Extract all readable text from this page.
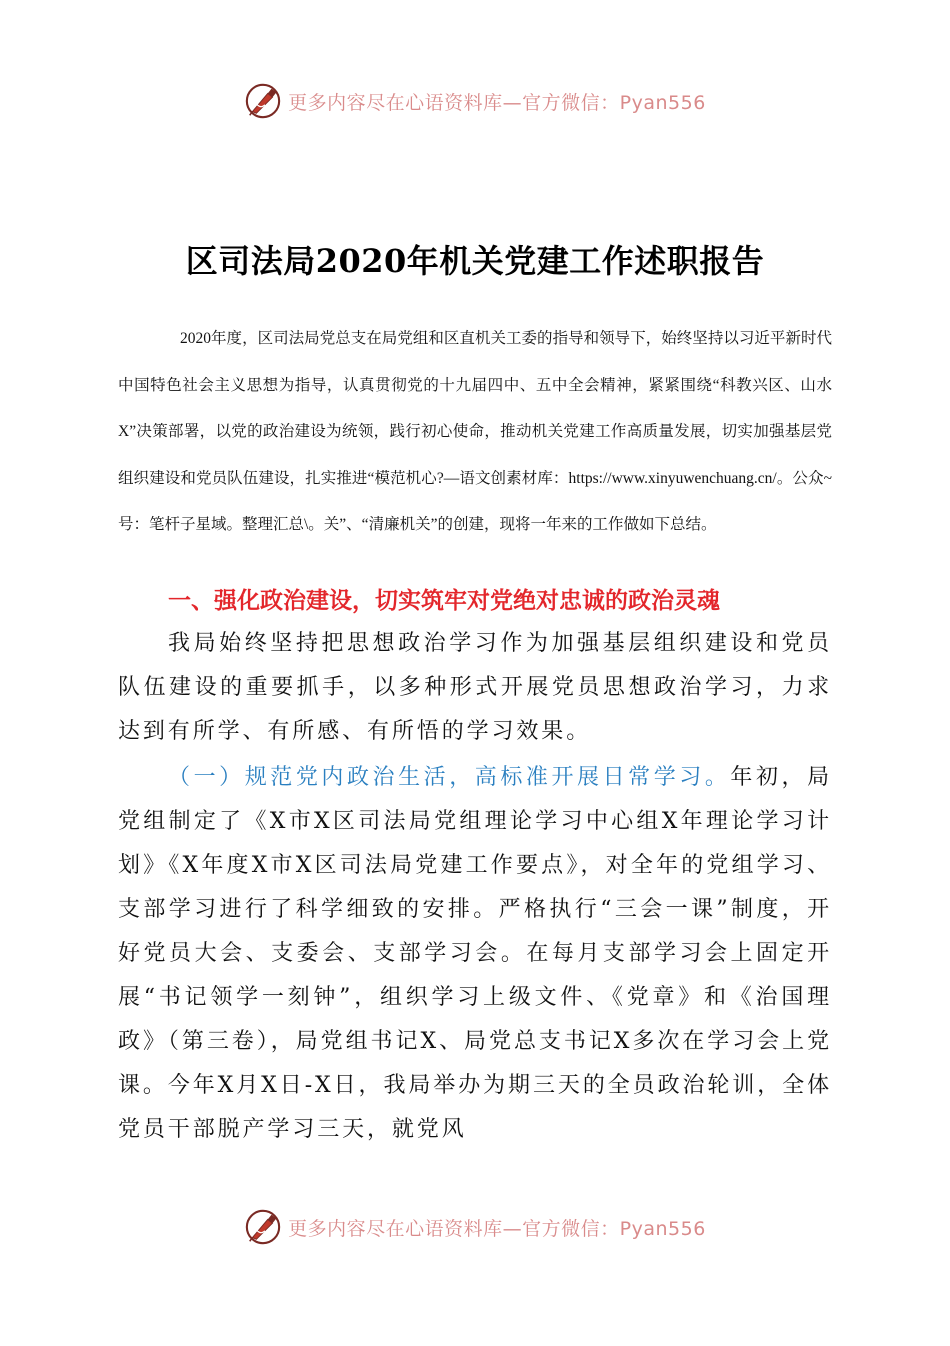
更多内容尽在心语资料库—官方微信：Pyan556
区司法局2020年机关党建工作述职报告

2020年度，区司法局党总支在局党组和区直机关工委的指导和领导下，始终坚持以习近平新时代中国特色社会主义思想为指导，认真贯彻党的十九届四中、五中全会精神，紧紧围绕“科教兴区、山水X”决策部署，以党的政治建设为统领，践行初心使命，推动机关党建工作高质量发展，切实加强基层党组织建设和党员队伍建设，扎实推进“模范机心?—语文创素材库：https://www.xinyuwenchuang.cn/。公众~号：笔杆子星域。整理汇总\。关”、“清廉机关”的创建，现将一年来的工作做如下总结。

一、强化政治建设，切实筑牢对党绝对忠诚的政治灵魂

我局始终坚持把思想政治学习作为加强基层组织建设和党员队伍建设的重要抓手，以多种形式开展党员思想政治学习，力求达到有所学、有所感、有所悟的学习效果。

（一）规范党内政治生活，高标准开展日常学习。年初，局党组制定了《X市X区司法局党组理论学习中心组X年理论学习计划》《X年度X市X区司法局党建工作要点》，对全年的党组学习、支部学习进行了科学细致的安排。严格执行“三会一课”制度，开好党员大会、支委会、支部学习会。在每月支部学习会上固定开展“书记领学一刻钟”，组织学习上级文件、《党章》和《治国理政》（第三卷），局党组书记X、局党总支书记X多次在学习会上党课。今年X月X日-X日，我局举办为期三天的全员政治轮训，全体党员干部脱产学习三天，就党风

更多内容尽在心语资料库—官方微信：Pyan556
